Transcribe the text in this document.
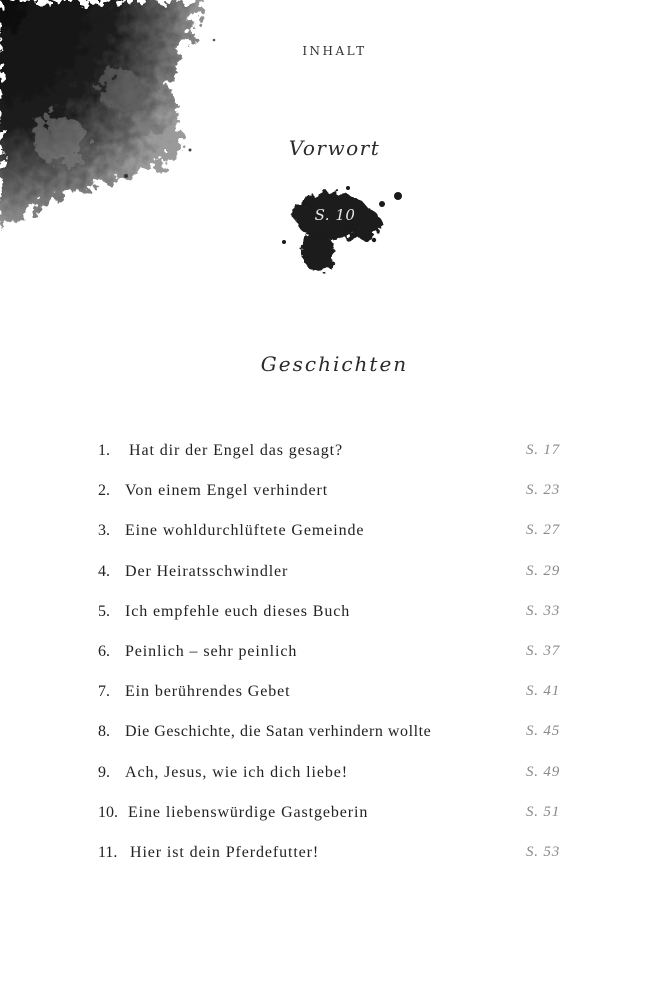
INHALT
Vorwort
S. 10
Geschichten
1. Hat dir der Engel das gesagt?	S. 17
2. Von einem Engel verhindert	S. 23
3. Eine wohldurchlüftete Gemeinde	S. 27
4. Der Heiratsschwindler	S. 29
5. Ich empfehle euch dieses Buch	S. 33
6. Peinlich – sehr peinlich	S. 37
7. Ein berührendes Gebet	S. 41
8. Die Geschichte, die Satan verhindern wollte	S. 45
9. Ach, Jesus, wie ich dich liebe!	S. 49
10. Eine liebenswürdige Gastgeberin	S. 51
11. Hier ist dein Pferdefutter!	S. 53
